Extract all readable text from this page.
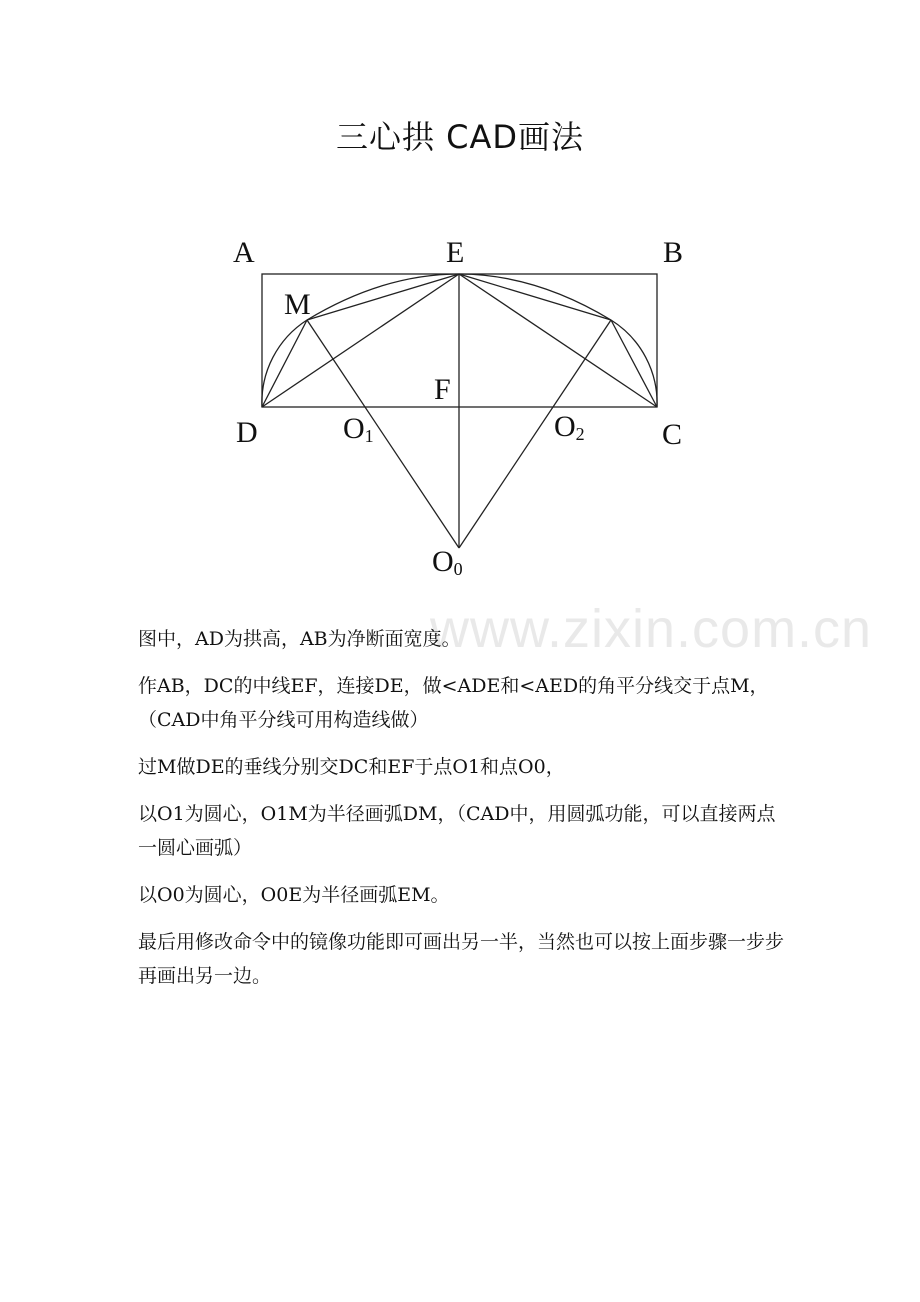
三心拱 CAD画法
A	E	B
M
F
D	C
O1	O2
O0
www.zixin.com.cn

图中，AD为拱高，AB为净断面宽度。

作AB，DC的中线EF，连接DE，做<ADE和<AED的角平分线交于点M，（CAD中角平分线可用构造线做）

过M做DE的垂线分别交DC和EF于点O1和点O0，

以O1为圆心，O1M为半径画弧DM，（CAD中，用圆弧功能，可以直接两点一圆心画弧）

以O0为圆心，O0E为半径画弧EM。

最后用修改命令中的镜像功能即可画出另一半，当然也可以按上面步骤一步步再画出另一边。
